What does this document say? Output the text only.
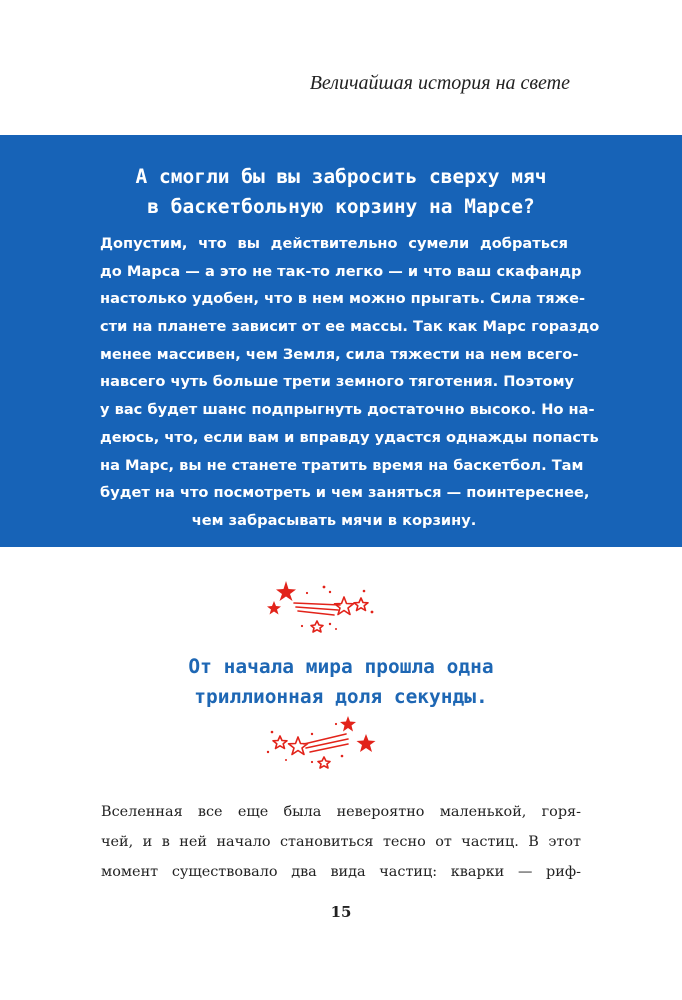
Величайшая история на свете
А смогли бы вы забросить сверху мяч
в баскетбольную корзину на Марсе?
Допустим, что вы действительно сумели добраться
до Марса — а это не так-то легко — и что ваш скафандр
настолько удобен, что в нем можно прыгать. Сила тяже-
сти на планете зависит от ее массы. Так как Марс гораздо
менее массивен, чем Земля, сила тяжести на нем всего-
навсего чуть больше трети земного тяготения. Поэтому
у вас будет шанс подпрыгнуть достаточно высоко. Но на-
деюсь, что, если вам и вправду удастся однажды попасть
на Марс, вы не станете тратить время на баскетбол. Там
будет на что посмотреть и чем заняться — поинтереснее,
чем забрасывать мячи в корзину.
От начала мира прошла одна
триллионная доля секунды.
Вселенная все еще была невероятно маленькой, горя-
чей, и в ней начало становиться тесно от частиц. В этот
момент существовало два вида частиц: кварки — риф-
15
